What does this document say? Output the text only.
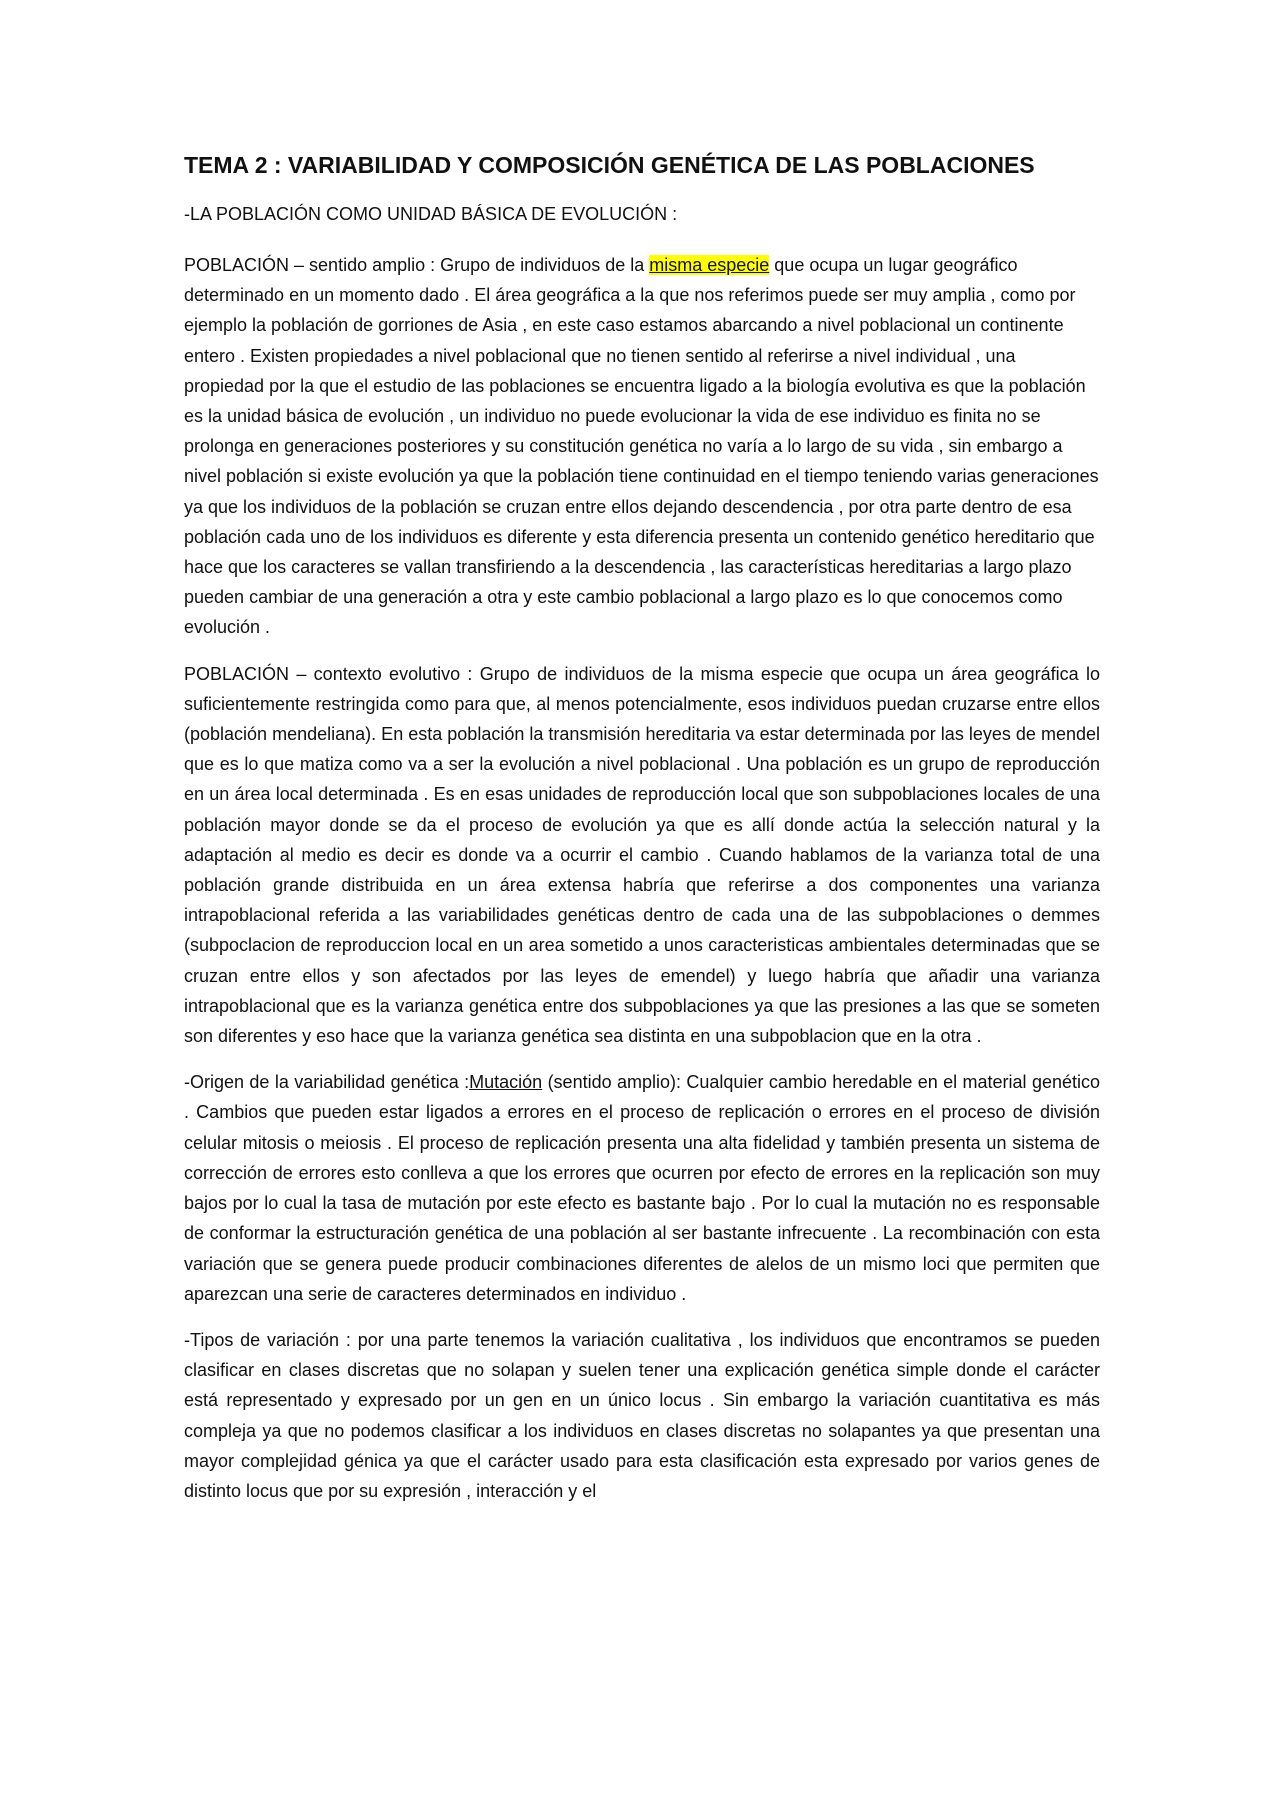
TEMA 2 : VARIABILIDAD Y COMPOSICIÓN GENÉTICA DE LAS POBLACIONES

-LA POBLACIÓN COMO UNIDAD BÁSICA DE EVOLUCIÓN :

POBLACIÓN – sentido amplio : Grupo de individuos de la misma especie que ocupa un lugar geográfico determinado en un momento dado . El área geográfica a la que nos referimos puede ser muy amplia , como por ejemplo la población de gorriones de Asia , en este caso estamos abarcando a nivel poblacional un continente entero . Existen propiedades a nivel poblacional que no tienen sentido al referirse a nivel individual , una propiedad por la que el estudio de las poblaciones se encuentra ligado a la biología evolutiva es que la población es la unidad básica de evolución , un individuo no puede evolucionar la vida de ese individuo es finita no se prolonga en generaciones posteriores y su constitución genética no varía a lo largo de su vida , sin embargo a nivel población si existe evolución ya que la población tiene continuidad en el tiempo teniendo varias generaciones ya que los individuos de la población se cruzan entre ellos dejando descendencia , por otra parte dentro de esa población cada uno de los individuos es diferente y esta diferencia presenta un contenido genético hereditario que hace que los caracteres se vallan transfiriendo a la descendencia , las características hereditarias a largo plazo pueden cambiar de una generación a otra y este cambio poblacional a largo plazo es lo que conocemos como evolución .

POBLACIÓN – contexto evolutivo : Grupo de individuos de la misma especie que ocupa un área geográfica lo suficientemente restringida como para que, al menos potencialmente, esos individuos puedan cruzarse entre ellos (población mendeliana). En esta población la transmisión hereditaria va estar determinada por las leyes de mendel que es lo que matiza como va a ser la evolución a nivel poblacional . Una población es un grupo de reproducción en un área local determinada . Es en esas unidades de reproducción local que son subpoblaciones locales de una población mayor donde se da el proceso de evolución ya que es allí donde actúa la selección natural y la adaptación al medio es decir es donde va a ocurrir el cambio . Cuando hablamos de la varianza total de una población grande distribuida en un área extensa habría que referirse a dos componentes una varianza intrapoblacional referida a las variabilidades genéticas dentro de cada una de las subpoblaciones o demmes (subpoclacion de reproduccion local en un area sometido a unos caracteristicas ambientales determinadas que se cruzan entre ellos y son afectados por las leyes de emendel) y luego habría que añadir una varianza intrapoblacional que es la varianza genética entre dos subpoblaciones ya que las presiones a las que se someten son diferentes y eso hace que la varianza genética sea distinta en una subpoblacion que en la otra .

-Origen de la variabilidad genética :Mutación (sentido amplio): Cualquier cambio heredable en el material genético . Cambios que pueden estar ligados a errores en el proceso de replicación o errores en el proceso de división celular mitosis o meiosis . El proceso de replicación presenta una alta fidelidad y también presenta un sistema de corrección de errores esto conlleva a que los errores que ocurren por efecto de errores en la replicación son muy bajos por lo cual la tasa de mutación por este efecto es bastante bajo . Por lo cual la mutación no es responsable de conformar la estructuración genética de una población al ser bastante infrecuente . La recombinación con esta variación que se genera puede producir combinaciones diferentes de alelos de un mismo loci que permiten que aparezcan una serie de caracteres determinados en individuo .

-Tipos de variación : por una parte tenemos la variación cualitativa , los individuos que encontramos se pueden clasificar en clases discretas que no solapan y suelen tener una explicación genética simple donde el carácter está representado y expresado por un gen en un único locus . Sin embargo la variación cuantitativa es más compleja ya que no podemos clasificar a los individuos en clases discretas no solapantes ya que presentan una mayor complejidad génica ya que el carácter usado para esta clasificación esta expresado por varios genes de distinto locus que por su expresión , interacción y el
